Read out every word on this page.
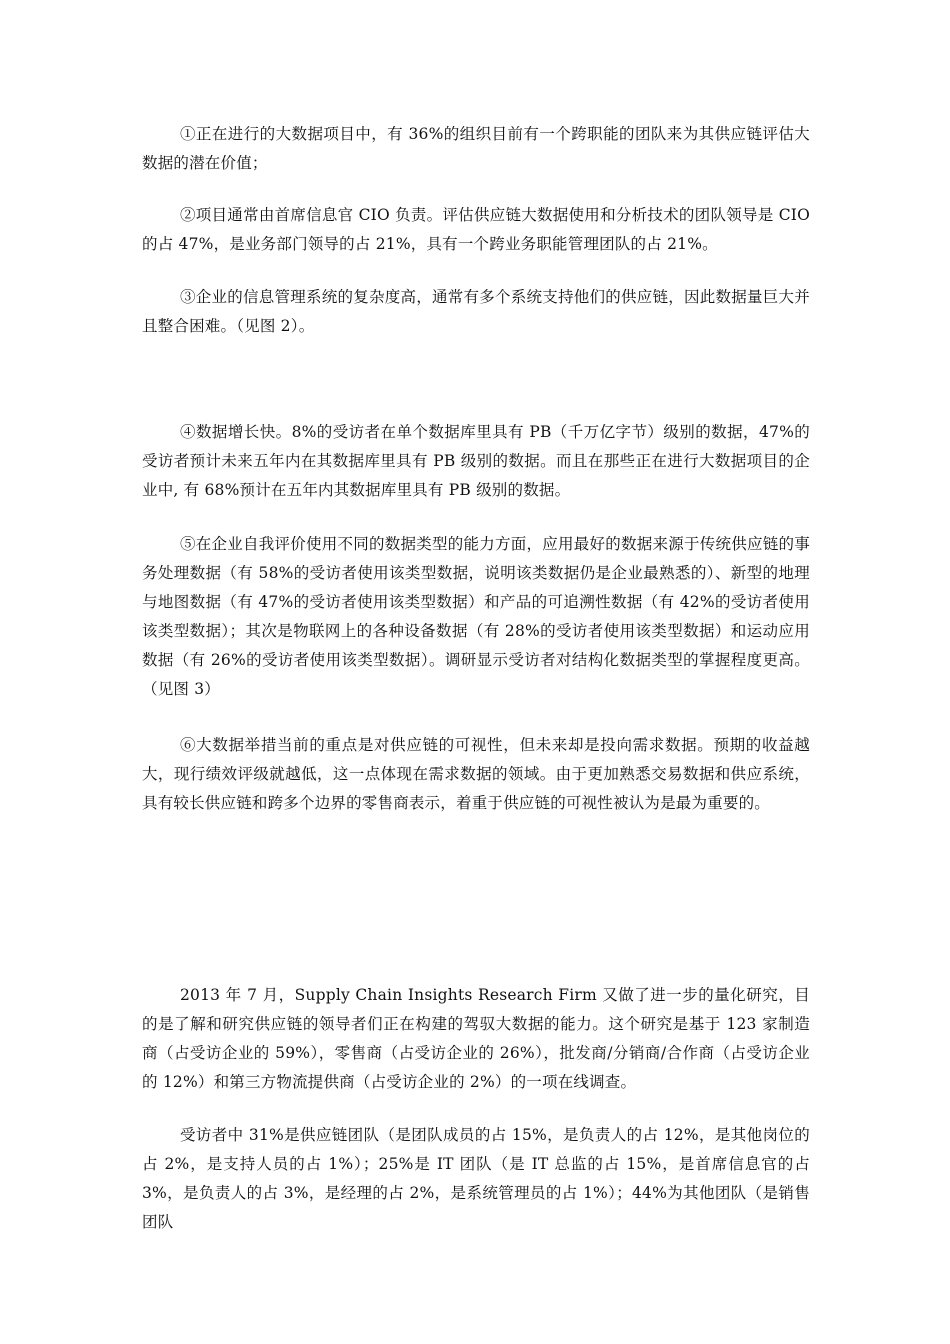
①正在进行的大数据项目中，有 36%的组织目前有一个跨职能的团队来为其供应链评估大数据的潜在价值；

②项目通常由首席信息官 CIO 负责。评估供应链大数据使用和分析技术的团队领导是 CIO 的占 47%，是业务部门领导的占 21%，具有一个跨业务职能管理团队的占 21%。

③企业的信息管理系统的复杂度高，通常有多个系统支持他们的供应链，因此数据量巨大并且整合困难。（见图 2）。

④数据增长快。8%的受访者在单个数据库里具有 PB（千万亿字节）级别的数据，47%的受访者预计未来五年内在其数据库里具有 PB 级别的数据。而且在那些正在进行大数据项目的企业中, 有 68%预计在五年内其数据库里具有 PB 级别的数据。

⑤在企业自我评价使用不同的数据类型的能力方面，应用最好的数据来源于传统供应链的事务处理数据（有 58%的受访者使用该类型数据，说明该类数据仍是企业最熟悉的）、新型的地理与地图数据（有 47%的受访者使用该类型数据）和产品的可追溯性数据（有 42%的受访者使用该类型数据）；其次是物联网上的各种设备数据（有 28%的受访者使用该类型数据）和运动应用数据（有 26%的受访者使用该类型数据）。调研显示受访者对结构化数据类型的掌握程度更高。（见图 3）

⑥大数据举措当前的重点是对供应链的可视性，但未来却是投向需求数据。预期的收益越大，现行绩效评级就越低，这一点体现在需求数据的领域。由于更加熟悉交易数据和供应系统，具有较长供应链和跨多个边界的零售商表示，着重于供应链的可视性被认为是最为重要的。

2013 年 7 月，Supply Chain Insights Research Firm 又做了进一步的量化研究，目的是了解和研究供应链的领导者们正在构建的驾驭大数据的能力。这个研究是基于 123 家制造商（占受访企业的 59%），零售商（占受访企业的 26%），批发商/分销商/合作商（占受访企业的 12%）和第三方物流提供商（占受访企业的 2%）的一项在线调查。

受访者中 31%是供应链团队（是团队成员的占 15%，是负责人的占 12%，是其他岗位的占 2%，是支持人员的占 1%）；25%是 IT 团队（是 IT 总监的占 15%，是首席信息官的占 3%，是负责人的占 3%，是经理的占 2%，是系统管理员的占 1%）；44%为其他团队（是销售团队
